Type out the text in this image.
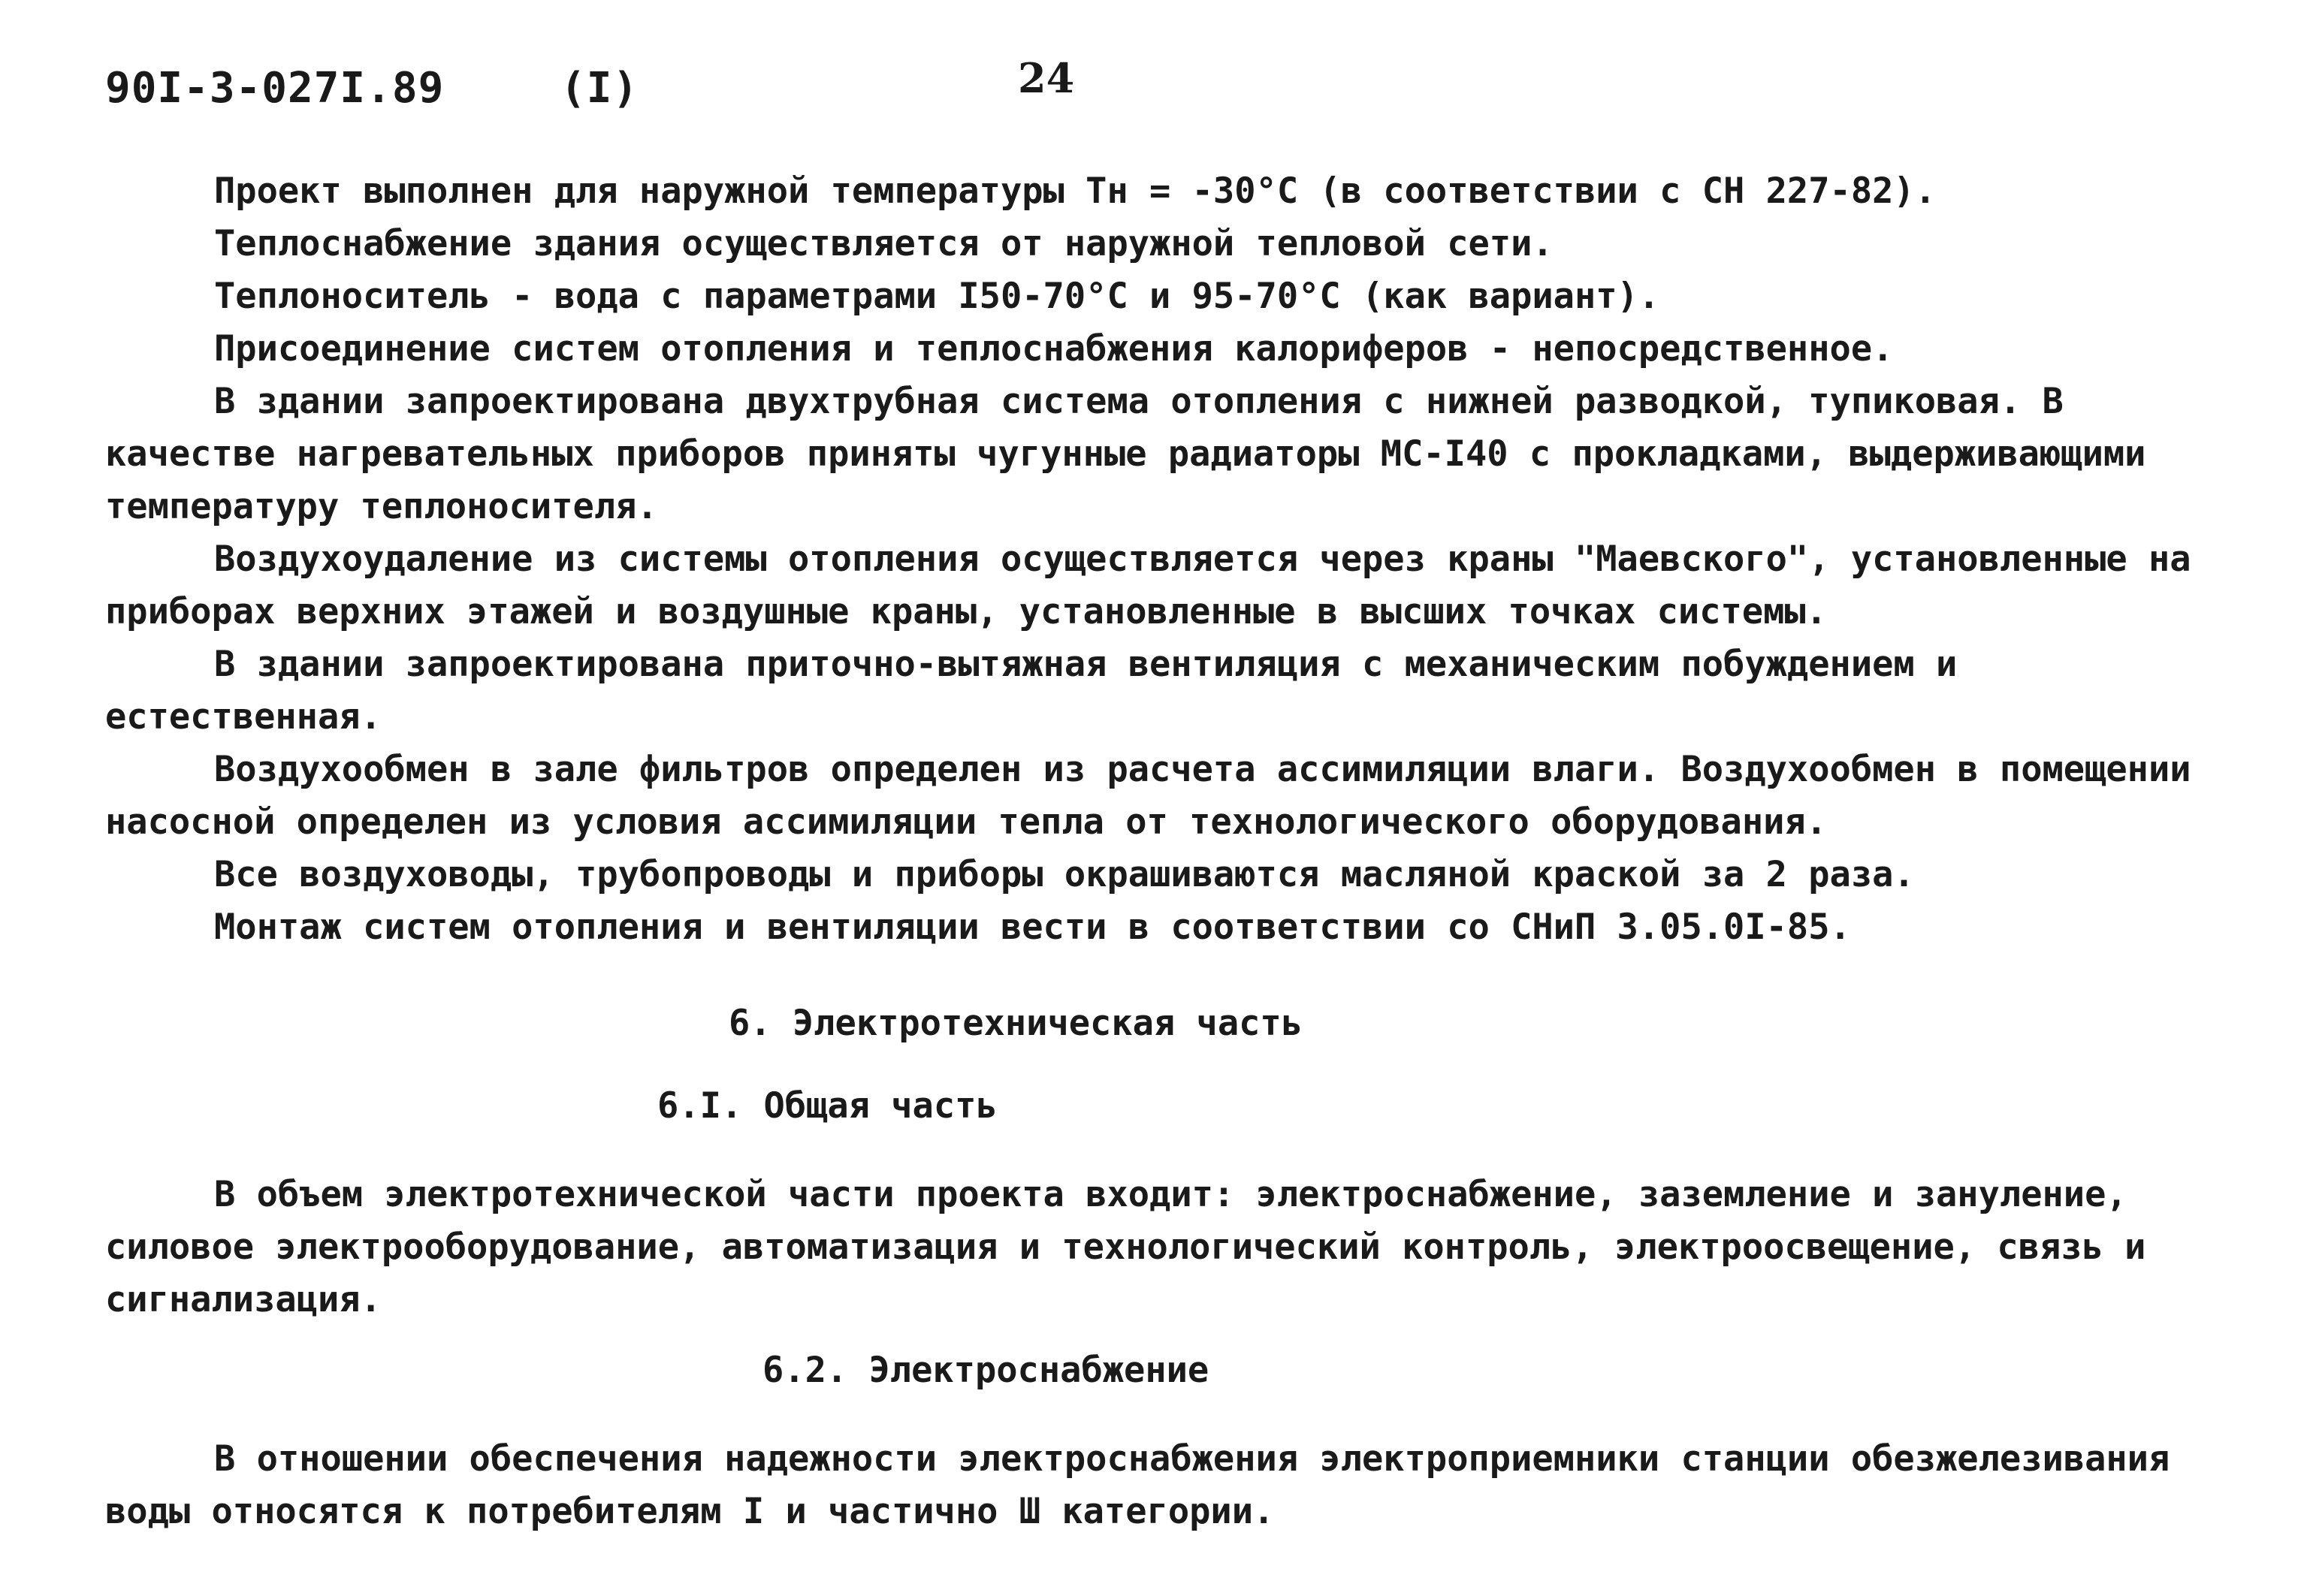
90I-3-027I.89	(I)	24

Проект выполнен для наружной температуры Тн = -30°С (в соответствии с СН 227-82).

Теплоснабжение здания осуществляется от наружной тепловой сети.

Теплоноситель - вода с параметрами I50-70°С и 95-70°С (как вариант).

Присоединение систем отопления и теплоснабжения калориферов - непосредственное.

В здании запроектирована двухтрубная система отопления с нижней разводкой, тупиковая. В качестве нагревательных приборов приняты чугунные радиаторы МС-I40 с прокладками, выдерживающими температуру теплоносителя.

Воздухоудаление из системы отопления осуществляется через краны "Маевского", установленные на приборах верхних этажей и воздушные краны, установленные в высших точках системы.

В здании запроектирована приточно-вытяжная вентиляция с механическим побуждением и естественная.

Воздухообмен в зале фильтров определен из расчета ассимиляции влаги. Воздухообмен в помещении насосной определен из условия ассимиляции тепла от технологического оборудования.

Все воздуховоды, трубопроводы и приборы окрашиваются масляной краской за 2 раза.

Монтаж систем отопления и вентиляции вести в соответствии со СНиП 3.05.0I-85.

6. Электротехническая часть

6.I. Общая часть

В объем электротехнической части проекта входит: электроснабжение, заземление и зануление, силовое электрооборудование, автоматизация и технологический контроль, электроосвещение, связь и сигнализация.

6.2. Электроснабжение

В отношении обеспечения надежности электроснабжения электроприемники станции обезжелезивания воды относятся к потребителям I и частично Ш категории.
